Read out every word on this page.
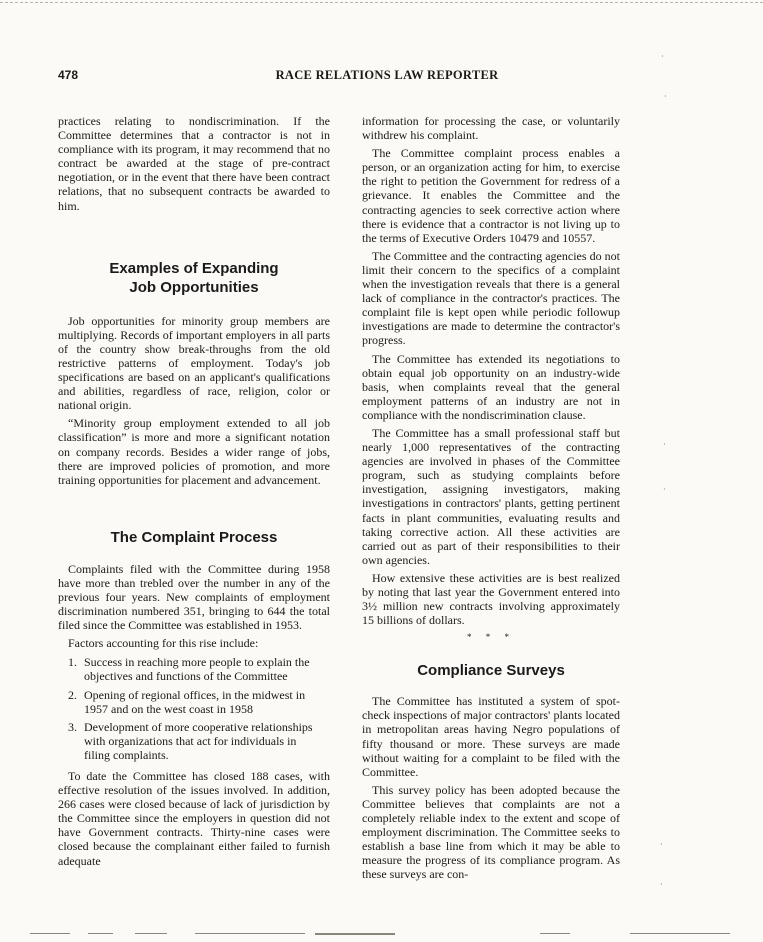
478	RACE RELATIONS LAW REPORTER

practices relating to nondiscrimination. If the Committee determines that a contractor is not in compliance with its program, it may recommend that no contract be awarded at the stage of pre-contract negotiation, or in the event that there have been contract relations, that no subsequent contracts be awarded to him.

Examples of Expanding
Job Opportunities

Job opportunities for minority group members are multiplying. Records of important employers in all parts of the country show break-throughs from the old restrictive patterns of employment. Today's job specifications are based on an applicant's qualifications and abilities, regardless of race, religion, color or national origin.

“Minority group employment extended to all job classification” is more and more a significant notation on company records. Besides a wider range of jobs, there are improved policies of promotion, and more training opportunities for placement and advancement.

The Complaint Process

Complaints filed with the Committee during 1958 have more than trebled over the number in any of the previous four years. New complaints of employment discrimination numbered 351, bringing to 644 the total filed since the Committee was established in 1953.

Factors accounting for this rise include:

1. Success in reaching more people to explain the objectives and functions of the Committee
2. Opening of regional offices, in the midwest in 1957 and on the west coast in 1958
3. Development of more cooperative relationships with organizations that act for individuals in filing complaints.

To date the Committee has closed 188 cases, with effective resolution of the issues involved. In addition, 266 cases were closed because of lack of jurisdiction by the Committee since the employers in question did not have Government contracts. Thirty-nine cases were closed because the complainant either failed to furnish adequate

information for processing the case, or voluntarily withdrew his complaint.

The Committee complaint process enables a person, or an organization acting for him, to exercise the right to petition the Government for redress of a grievance. It enables the Committee and the contracting agencies to seek corrective action where there is evidence that a contractor is not living up to the terms of Executive Orders 10479 and 10557.

The Committee and the contracting agencies do not limit their concern to the specifics of a complaint when the investigation reveals that there is a general lack of compliance in the contractor's practices. The complaint file is kept open while periodic followup investigations are made to determine the contractor's progress.

The Committee has extended its negotiations to obtain equal job opportunity on an industry-wide basis, when complaints reveal that the general employment patterns of an industry are not in compliance with the nondiscrimination clause.

The Committee has a small professional staff but nearly 1,000 representatives of the contracting agencies are involved in phases of the Committee program, such as studying complaints before investigation, assigning investigators, making investigations in contractors' plants, getting pertinent facts in plant communities, evaluating results and taking corrective action. All these activities are carried out as part of their responsibilities to their own agencies.

How extensive these activities are is best realized by noting that last year the Government entered into 3½ million new contracts involving approximately 15 billions of dollars.

* * *
Compliance Surveys

The Committee has instituted a system of spot-check inspections of major contractors' plants located in metropolitan areas having Negro populations of fifty thousand or more. These surveys are made without waiting for a complaint to be filed with the Committee.

This survey policy has been adopted because the Committee believes that complaints are not a completely reliable index to the extent and scope of employment discrimination. The Committee seeks to establish a base line from which it may be able to measure the progress of its compliance program. As these surveys are con-

·
·
·
·
·
·
